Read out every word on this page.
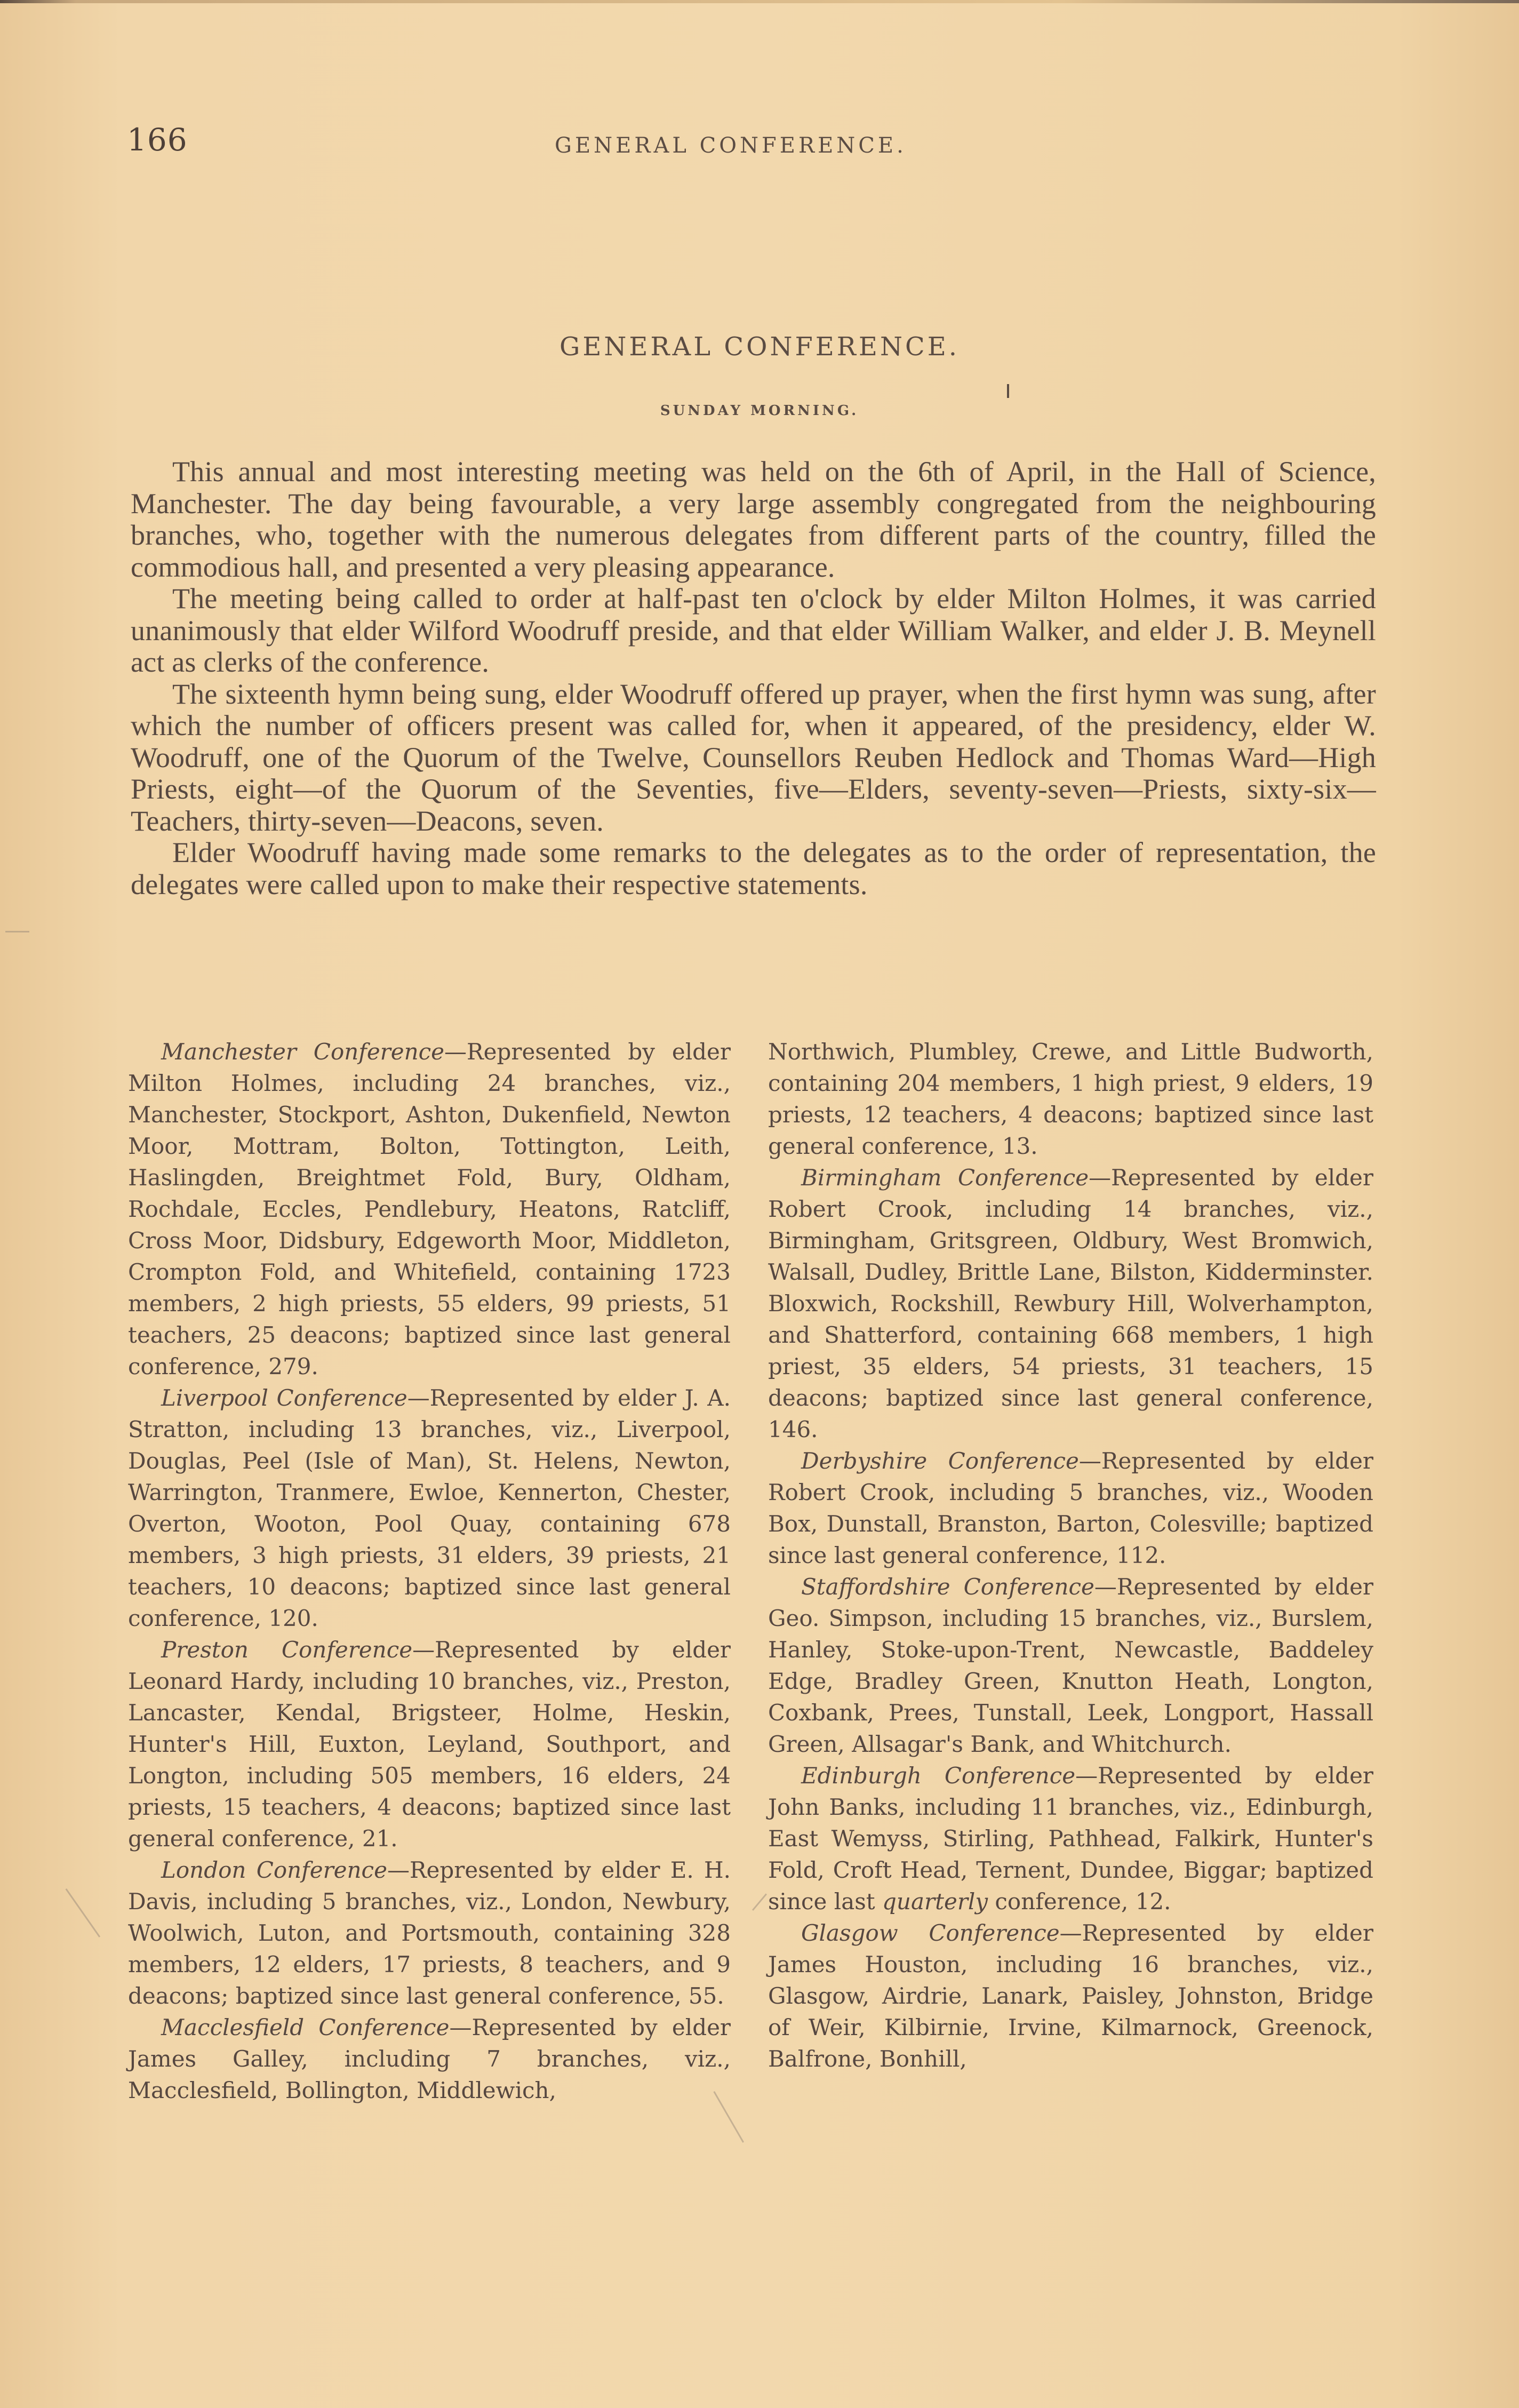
166	GENERAL CONFERENCE.
GENERAL CONFERENCE.
SUNDAY MORNING.

This annual and most interesting meeting was held on the 6th of April, in the Hall of Science, Manchester. The day being favourable, a very large assembly congregated from the neighbouring branches, who, together with the numerous delegates from different parts of the country, filled the commodious hall, and presented a very pleasing appearance.

The meeting being called to order at half-past ten o'clock by elder Milton Holmes, it was carried unanimously that elder Wilford Woodruff preside, and that elder William Walker, and elder J. B. Meynell act as clerks of the conference.

The sixteenth hymn being sung, elder Woodruff offered up prayer, when the first hymn was sung, after which the number of officers present was called for, when it appeared, of the presidency, elder W. Woodruff, one of the Quorum of the Twelve, Counsellors Reuben Hedlock and Thomas Ward—High Priests, eight—of the Quorum of the Seventies, five—Elders, seventy-seven—Priests, sixty-six—Teachers, thirty-seven—Deacons, seven.

Elder Woodruff having made some remarks to the delegates as to the order of representation, the delegates were called upon to make their respective statements.

Manchester Conference—Represented by elder Milton Holmes, including 24 branches, viz., Manchester, Stockport, Ashton, Dukenfield, Newton Moor, Mottram, Bolton, Tottington, Leith, Haslingden, Breightmet Fold, Bury, Oldham, Rochdale, Eccles, Pendlebury, Heatons, Ratcliff, Cross Moor, Didsbury, Edgeworth Moor, Middleton, Crompton Fold, and Whitefield, containing 1723 members, 2 high priests, 55 elders, 99 priests, 51 teachers, 25 deacons; baptized since last general conference, 279.

Liverpool Conference—Represented by elder J. A. Stratton, including 13 branches, viz., Liverpool, Douglas, Peel (Isle of Man), St. Helens, Newton, Warrington, Tranmere, Ewloe, Kennerton, Chester, Overton, Wooton, Pool Quay, containing 678 members, 3 high priests, 31 elders, 39 priests, 21 teachers, 10 deacons; baptized since last general conference, 120.

Preston Conference—Represented by elder Leonard Hardy, including 10 branches, viz., Preston, Lancaster, Kendal, Brigsteer, Holme, Heskin, Hunter's Hill, Euxton, Leyland, Southport, and Longton, including 505 members, 16 elders, 24 priests, 15 teachers, 4 deacons; baptized since last general conference, 21.

London Conference—Represented by elder E. H. Davis, including 5 branches, viz., London, Newbury, Woolwich, Luton, and Portsmouth, containing 328 members, 12 elders, 17 priests, 8 teachers, and 9 deacons; baptized since last general conference, 55.

Macclesfield Conference—Represented by elder James Galley, including 7 branches, viz., Macclesfield, Bollington, Middlewich,

Northwich, Plumbley, Crewe, and Little Budworth, containing 204 members, 1 high priest, 9 elders, 19 priests, 12 teachers, 4 deacons; baptized since last general conference, 13.

Birmingham Conference—Represented by elder Robert Crook, including 14 branches, viz., Birmingham, Gritsgreen, Oldbury, West Bromwich, Walsall, Dudley, Brittle Lane, Bilston, Kidderminster. Bloxwich, Rockshill, Rewbury Hill, Wolverhampton, and Shatterford, containing 668 members, 1 high priest, 35 elders, 54 priests, 31 teachers, 15 deacons; baptized since last general conference, 146.

Derbyshire Conference—Represented by elder Robert Crook, including 5 branches, viz., Wooden Box, Dunstall, Branston, Barton, Colesville; baptized since last general conference, 112.

Staffordshire Conference—Represented by elder Geo. Simpson, including 15 branches, viz., Burslem, Hanley, Stoke-upon-Trent, Newcastle, Baddeley Edge, Bradley Green, Knutton Heath, Longton, Coxbank, Prees, Tunstall, Leek, Longport, Hassall Green, Allsagar's Bank, and Whitchurch.

Edinburgh Conference—Represented by elder John Banks, including 11 branches, viz., Edinburgh, East Wemyss, Stirling, Pathhead, Falkirk, Hunter's Fold, Croft Head, Ternent, Dundee, Biggar; baptized since last quarterly conference, 12.

Glasgow Conference—Represented by elder James Houston, including 16 branches, viz., Glasgow, Airdrie, Lanark, Paisley, Johnston, Bridge of Weir, Kilbirnie, Irvine, Kilmarnock, Greenock, Balfrone, Bonhill,
